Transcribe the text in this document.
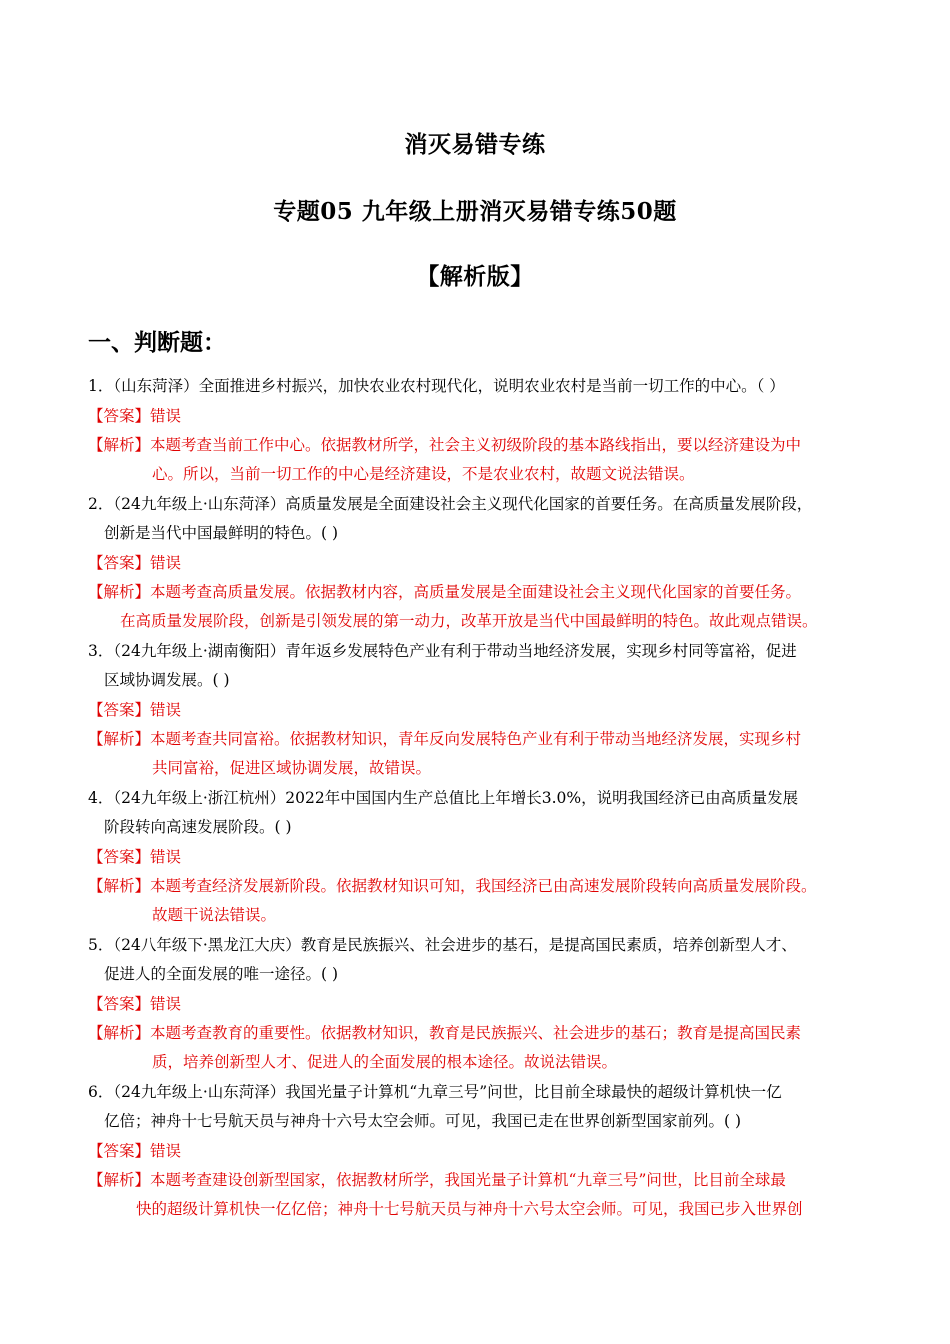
消灭易错专练
专题05 九年级上册消灭易错专练50题
【解析版】
一、判断题：
1．（山东菏泽）全面推进乡村振兴，加快农业农村现代化，说明农业农村是当前一切工作的中心。（ ）
【答案】错误
【解析】本题考查当前工作中心。依据教材所学，社会主义初级阶段的基本路线指出，要以经济建设为中
心。所以，当前一切工作的中心是经济建设，不是农业农村，故题文说法错误。
2．（24九年级上·山东菏泽）高质量发展是全面建设社会主义现代化国家的首要任务。在高质量发展阶段，
创新是当代中国最鲜明的特色。( )
【答案】错误
【解析】本题考查高质量发展。依据教材内容，高质量发展是全面建设社会主义现代化国家的首要任务。
在高质量发展阶段，创新是引领发展的第一动力，改革开放是当代中国最鲜明的特色。故此观点错误。
3．（24九年级上·湖南衡阳）青年返乡发展特色产业有利于带动当地经济发展，实现乡村同等富裕，促进
区域协调发展。( )
【答案】错误
【解析】本题考查共同富裕。依据教材知识，青年反向发展特色产业有利于带动当地经济发展，实现乡村
共同富裕，促进区域协调发展，故错误。
4．（24九年级上·浙江杭州）2022年中国国内生产总值比上年增长3.0%，说明我国经济已由高质量发展
阶段转向高速发展阶段。( )
【答案】错误
【解析】本题考查经济发展新阶段。依据教材知识可知，我国经济已由高速发展阶段转向高质量发展阶段。
故题干说法错误。
5．（24八年级下·黑龙江大庆）教育是民族振兴、社会进步的基石，是提高国民素质，培养创新型人才、
促进人的全面发展的唯一途径。( )
【答案】错误
【解析】本题考查教育的重要性。依据教材知识，教育是民族振兴、社会进步的基石；教育是提高国民素
质，培养创新型人才、促进人的全面发展的根本途径。故说法错误。
6．（24九年级上·山东菏泽）我国光量子计算机“九章三号”问世，比目前全球最快的超级计算机快一亿
亿倍；神舟十七号航天员与神舟十六号太空会师。可见，我国已走在世界创新型国家前列。( )
【答案】错误
【解析】本题考查建设创新型国家，依据教材所学，我国光量子计算机“九章三号”问世，比目前全球最
快的超级计算机快一亿亿倍；神舟十七号航天员与神舟十六号太空会师。可见，我国已步入世界创
